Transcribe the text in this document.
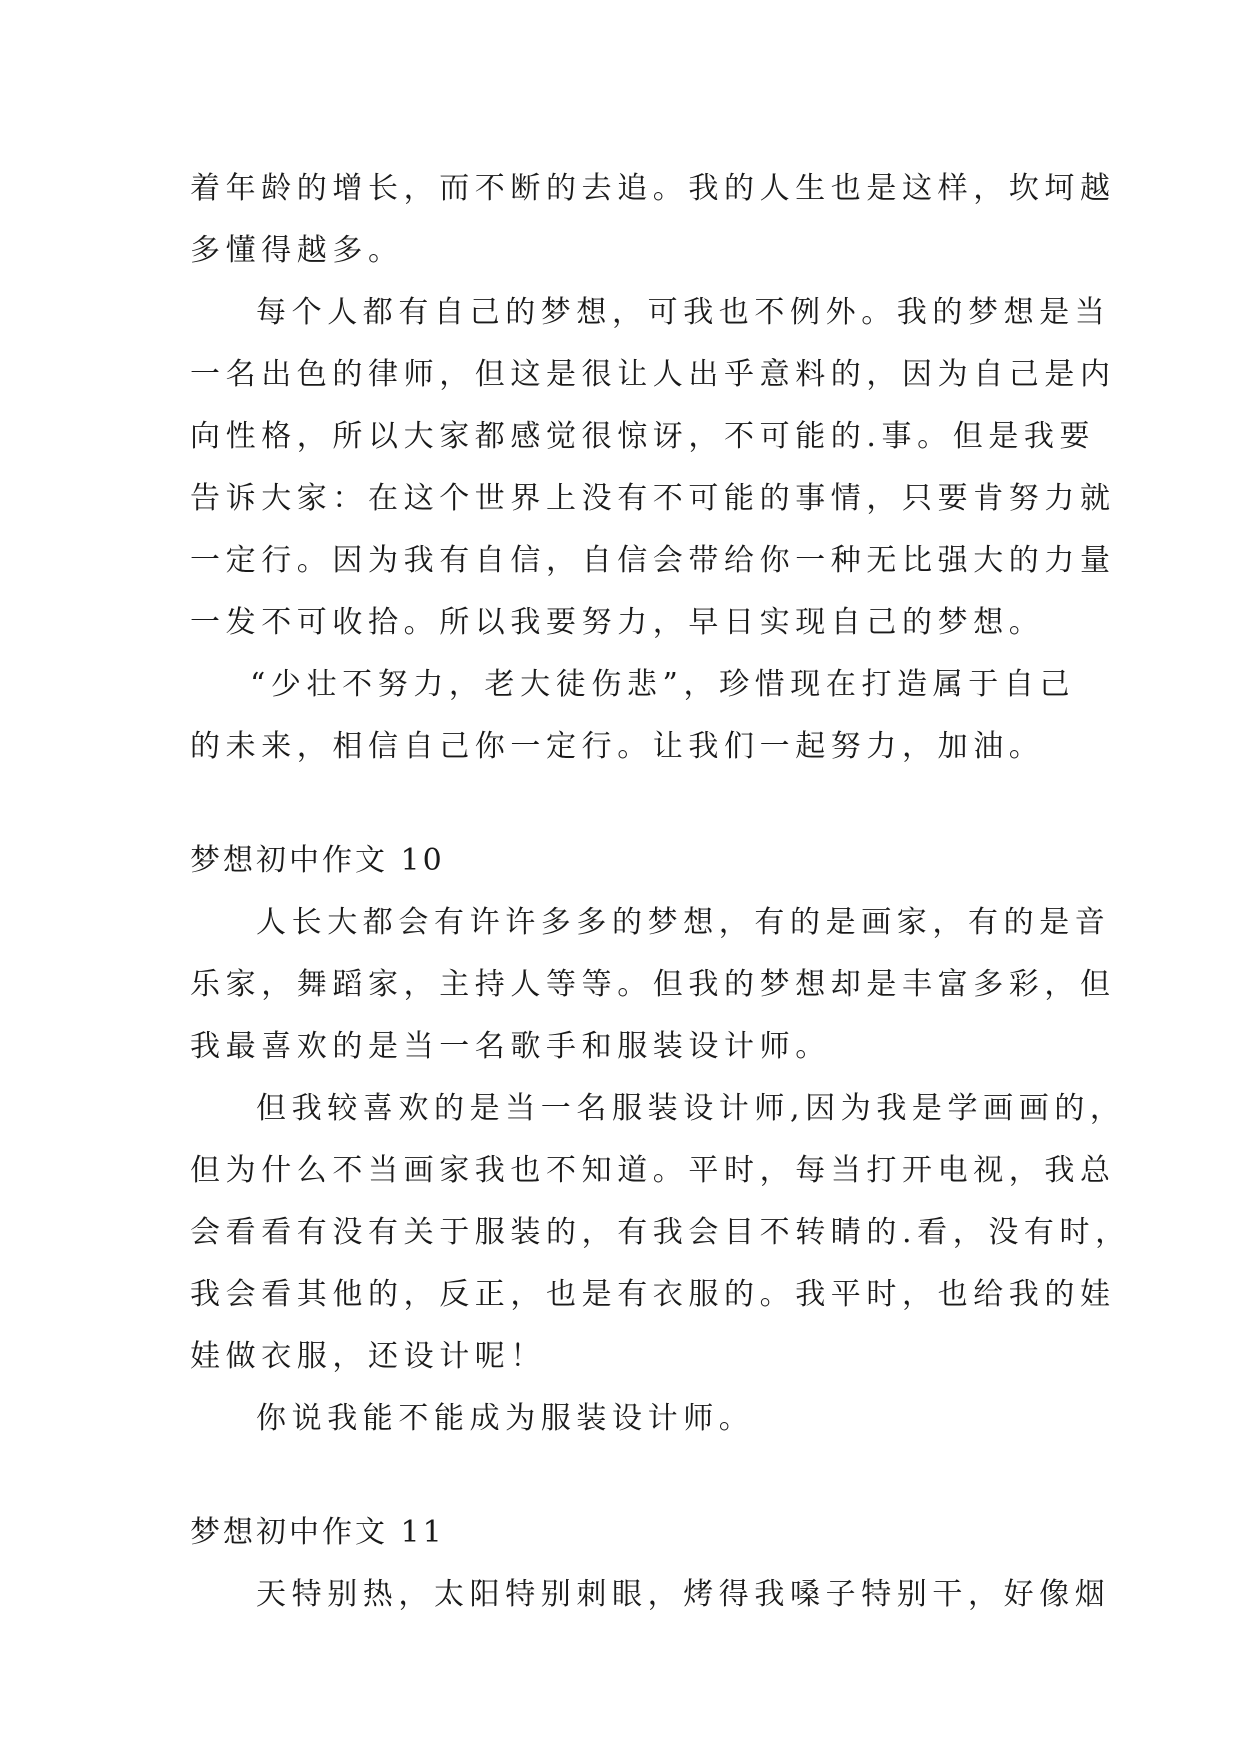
着年龄的增长，而不断的去追。我的人生也是这样，坎坷越
多懂得越多。
每个人都有自己的梦想，可我也不例外。我的梦想是当
一名出色的律师，但这是很让人出乎意料的，因为自己是内
向性格，所以大家都感觉很惊讶，不可能的.事。但是我要
告诉大家：在这个世界上没有不可能的事情，只要肯努力就
一定行。因为我有自信，自信会带给你一种无比强大的力量
一发不可收拾。所以我要努力，早日实现自己的梦想。
“少壮不努力，老大徒伤悲”，珍惜现在打造属于自己
的未来，相信自己你一定行。让我们一起努力，加油。
梦想初中作文 10
人长大都会有许许多多的梦想，有的是画家，有的是音
乐家，舞蹈家，主持人等等。但我的梦想却是丰富多彩，但
我最喜欢的是当一名歌手和服装设计师。
但我较喜欢的是当一名服装设计师,因为我是学画画的，
但为什么不当画家我也不知道。平时，每当打开电视，我总
会看看有没有关于服装的，有我会目不转睛的.看，没有时，
我会看其他的，反正，也是有衣服的。我平时，也给我的娃
娃做衣服，还设计呢！
你说我能不能成为服装设计师。
梦想初中作文 11
天特别热，太阳特别刺眼，烤得我嗓子特别干，好像烟
